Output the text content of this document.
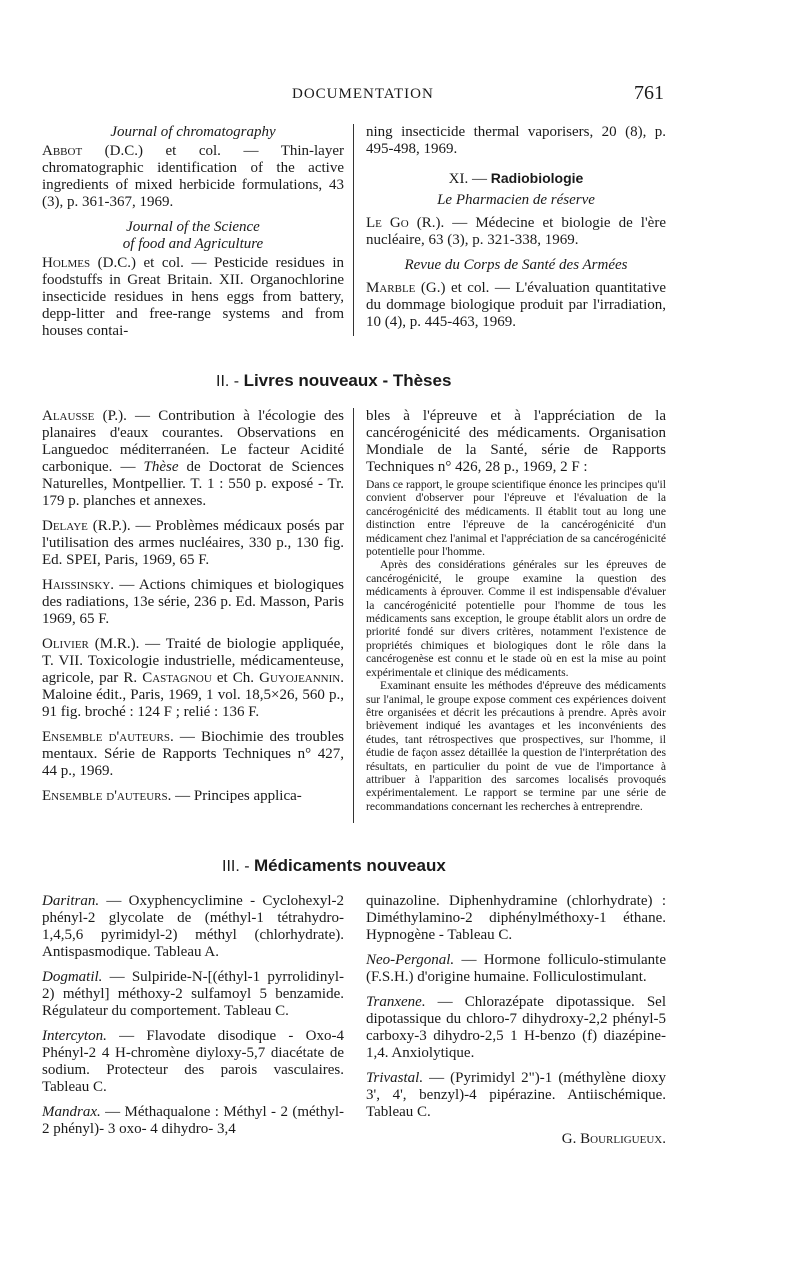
DOCUMENTATION	761

Journal of chromatography

Abbot (D.C.) et col. — Thin-layer chromatographic identification of the active ingredients of mixed herbicide formulations, 43 (3), p. 361-367, 1969.

Journal of the Science

of food and Agriculture

Holmes (D.C.) et col. — Pesticide residues in foodstuffs in Great Britain. XII. Organochlorine insecticide residues in hens eggs from battery, depp-litter and free-range systems and from houses contai-

ning insecticide thermal vaporisers, 20 (8), p. 495-498, 1969.

XI. — Radiobiologie

Le Pharmacien de réserve

Le Go (R.). — Médecine et biologie de l'ère nucléaire, 63 (3), p. 321-338, 1969.

Revue du Corps de Santé des Armées

Marble (G.) et col. — L'évaluation quantitative du dommage biologique produit par l'irradiation, 10 (4), p. 445-463, 1969.

II. - Livres nouveaux - Thèses

Alausse (P.). — Contribution à l'écologie des planaires d'eaux courantes. Observations en Languedoc méditerranéen. Le facteur Acidité carbonique. — Thèse de Doctorat de Sciences Naturelles, Montpellier. T. 1 : 550 p. exposé - Tr. 179 p. planches et annexes.

Delaye (R.P.). — Problèmes médicaux posés par l'utilisation des armes nucléaires, 330 p., 130 fig. Ed. SPEI, Paris, 1969, 65 F.

Haissinsky. — Actions chimiques et biologiques des radiations, 13e série, 236 p. Ed. Masson, Paris 1969, 65 F.

Olivier (M.R.). — Traité de biologie appliquée, T. VII. Toxicologie industrielle, médicamenteuse, agricole, par R. Castagnou et Ch. Guyojeannin. Maloine édit., Paris, 1969, 1 vol. 18,5×26, 560 p., 91 fig. broché : 124 F ; relié : 136 F.

Ensemble d'auteurs. — Biochimie des troubles mentaux. Série de Rapports Techniques n° 427, 44 p., 1969.

Ensemble d'auteurs. — Principes applica-

bles à l'épreuve et à l'appréciation de la cancérogénicité des médicaments. Organisation Mondiale de la Santé, série de Rapports Techniques n° 426, 28 p., 1969, 2 F :

Dans ce rapport, le groupe scientifique énonce les principes qu'il convient d'observer pour l'épreuve et l'évaluation de la cancérogénicité des médicaments. Il établit tout au long une distinction entre l'épreuve de la cancérogénicité d'un médicament chez l'animal et l'appréciation de sa cancérogénicité potentielle pour l'homme.

Après des considérations générales sur les épreuves de cancérogénicité, le groupe examine la question des médicaments à éprouver. Comme il est indispensable d'évaluer la cancérogénicité potentielle pour l'homme de tous les médicaments sans exception, le groupe établit alors un ordre de priorité fondé sur divers critères, notamment l'existence de propriétés chimiques et biologiques dont le rôle dans la cancérogenèse est connu et le stade où en est la mise au point expérimentale et clinique des médicaments.

Examinant ensuite les méthodes d'épreuve des médicaments sur l'animal, le groupe expose comment ces expériences doivent être organisées et décrit les précautions à prendre. Après avoir brièvement indiqué les avantages et les inconvénients des études, tant rétrospectives que prospectives, sur l'homme, il étudie de façon assez détaillée la question de l'interprétation des résultats, en particulier du point de vue de l'importance à attribuer à l'apparition des sarcomes localisés provoqués expérimentalement. Le rapport se termine par une série de recommandations concernant les recherches à entreprendre.

III. - Médicaments nouveaux

Daritran. — Oxyphencyclimine - Cyclohexyl-2 phényl-2 glycolate de (méthyl-1 tétrahydro-1,4,5,6 pyrimidyl-2) méthyl (chlorhydrate). Antispasmodique. Tableau A.

Dogmatil. — Sulpiride-N-[(éthyl-1 pyrrolidinyl-2) méthyl] méthoxy-2 sulfamoyl 5 benzamide. Régulateur du comportement. Tableau C.

Intercyton. — Flavodate disodique - Oxo-4 Phényl-2 4 H-chromène diyloxy-5,7 diacétate de sodium. Protecteur des parois vasculaires. Tableau C.

Mandrax. — Méthaqualone : Méthyl - 2 (méthyl-2 phényl)- 3 oxo- 4 dihydro- 3,4

quinazoline. Diphenhydramine (chlorhydrate) : Diméthylamino-2 diphénylméthoxy-1 éthane. Hypnogène - Tableau C.

Neo-Pergonal. — Hormone folliculo-stimulante (F.S.H.) d'origine humaine. Folliculostimulant.

Tranxene. — Chlorazépate dipotassique. Sel dipotassique du chloro-7 dihydroxy-2,2 phényl-5 carboxy-3 dihydro-2,5 1 H-benzo (f) diazépine-1,4. Anxiolytique.

Trivastal. — (Pyrimidyl 2")-1 (méthylène dioxy 3', 4', benzyl)-4 pipérazine. Antiischémique. Tableau C.

G. Bourligueux.
